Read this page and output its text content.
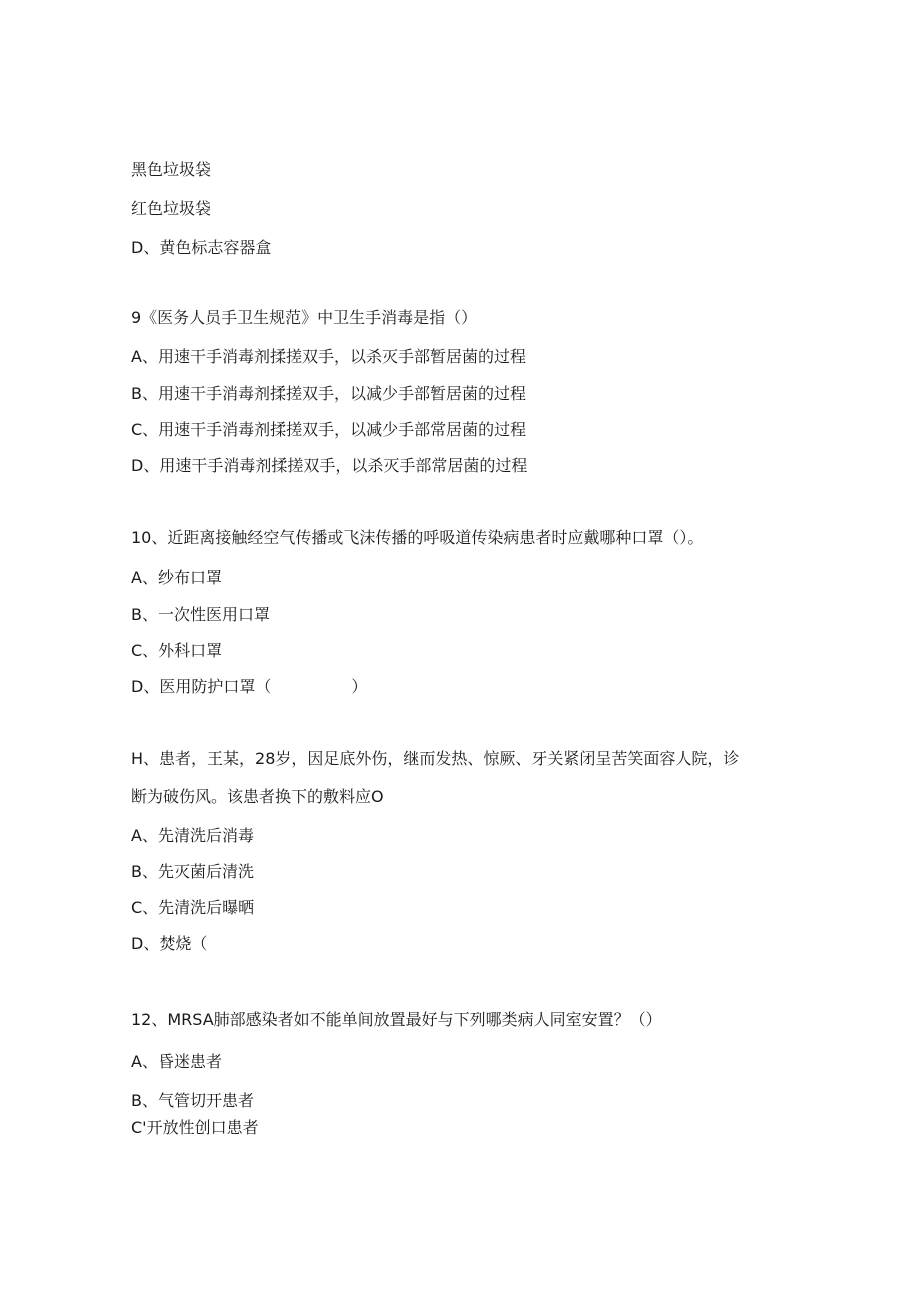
黑色垃圾袋
红色垃圾袋
D、黄色标志容器盒
9《医务人员手卫生规范》中卫生手消毒是指（）
A、用速干手消毒剂揉搓双手，以杀灭手部暂居菌的过程
B、用速干手消毒剂揉搓双手，以减少手部暂居菌的过程
C、用速干手消毒剂揉搓双手，以减少手部常居菌的过程
D、用速干手消毒剂揉搓双手，以杀灭手部常居菌的过程
10、近距离接触经空气传播或飞沫传播的呼吸道传染病患者时应戴哪种口罩（）。
A、纱布口罩
B、一次性医用口罩
C、外科口罩
D、医用防护口罩（　　　　　）
H、患者，王某，28岁，因足底外伤，继而发热、惊厥、牙关紧闭呈苦笑面容人院，诊
断为破伤风。该患者换下的敷料应O
A、先清洗后消毒
B、先灭菌后清洗
C、先清洗后曝晒
D、焚烧（
12、MRSA肺部感染者如不能单间放置最好与下列哪类病人同室安置？（）
A、昏迷患者
B、气管切开患者
C'开放性创口患者
